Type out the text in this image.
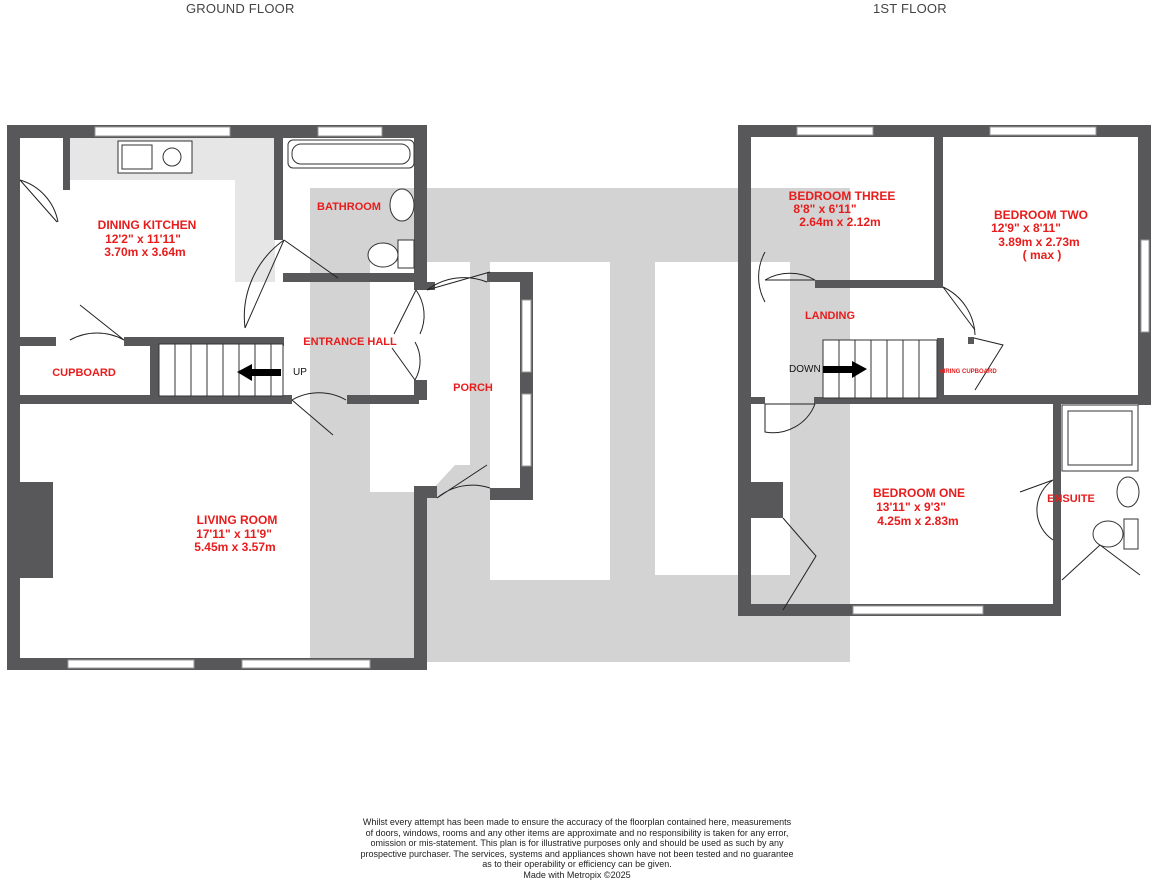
GROUND FLOOR	1ST FLOOR
DINING KITCHEN
12'2" x 11'11"
3.70m x 3.64m
BATHROOM
ENTRANCE HALL
CUPBOARD
PORCH
UP
LIVING ROOM
17'11" x 11'9"
5.45m x 3.57m
BEDROOM THREE
8'8" x 6'11"
2.64m x 2.12m	BEDROOM TWO
12'9" x 8'11"
3.89m x 2.73m
( max )
LANDING
DOWN	AIRING CUPBOARD
BEDROOM ONE
13'11" x 9'3"
4.25m x 2.83m
ENSUITE
Whilst every attempt has been made to ensure the accuracy of the floorplan contained here, measurements
of doors, windows, rooms and any other items are approximate and no responsibility is taken for any error,
omission or mis-statement. This plan is for illustrative purposes only and should be used as such by any
prospective purchaser. The services, systems and appliances shown have not been tested and no guarantee
as to their operability or efficiency can be given.
Made with Metropix ©2025
